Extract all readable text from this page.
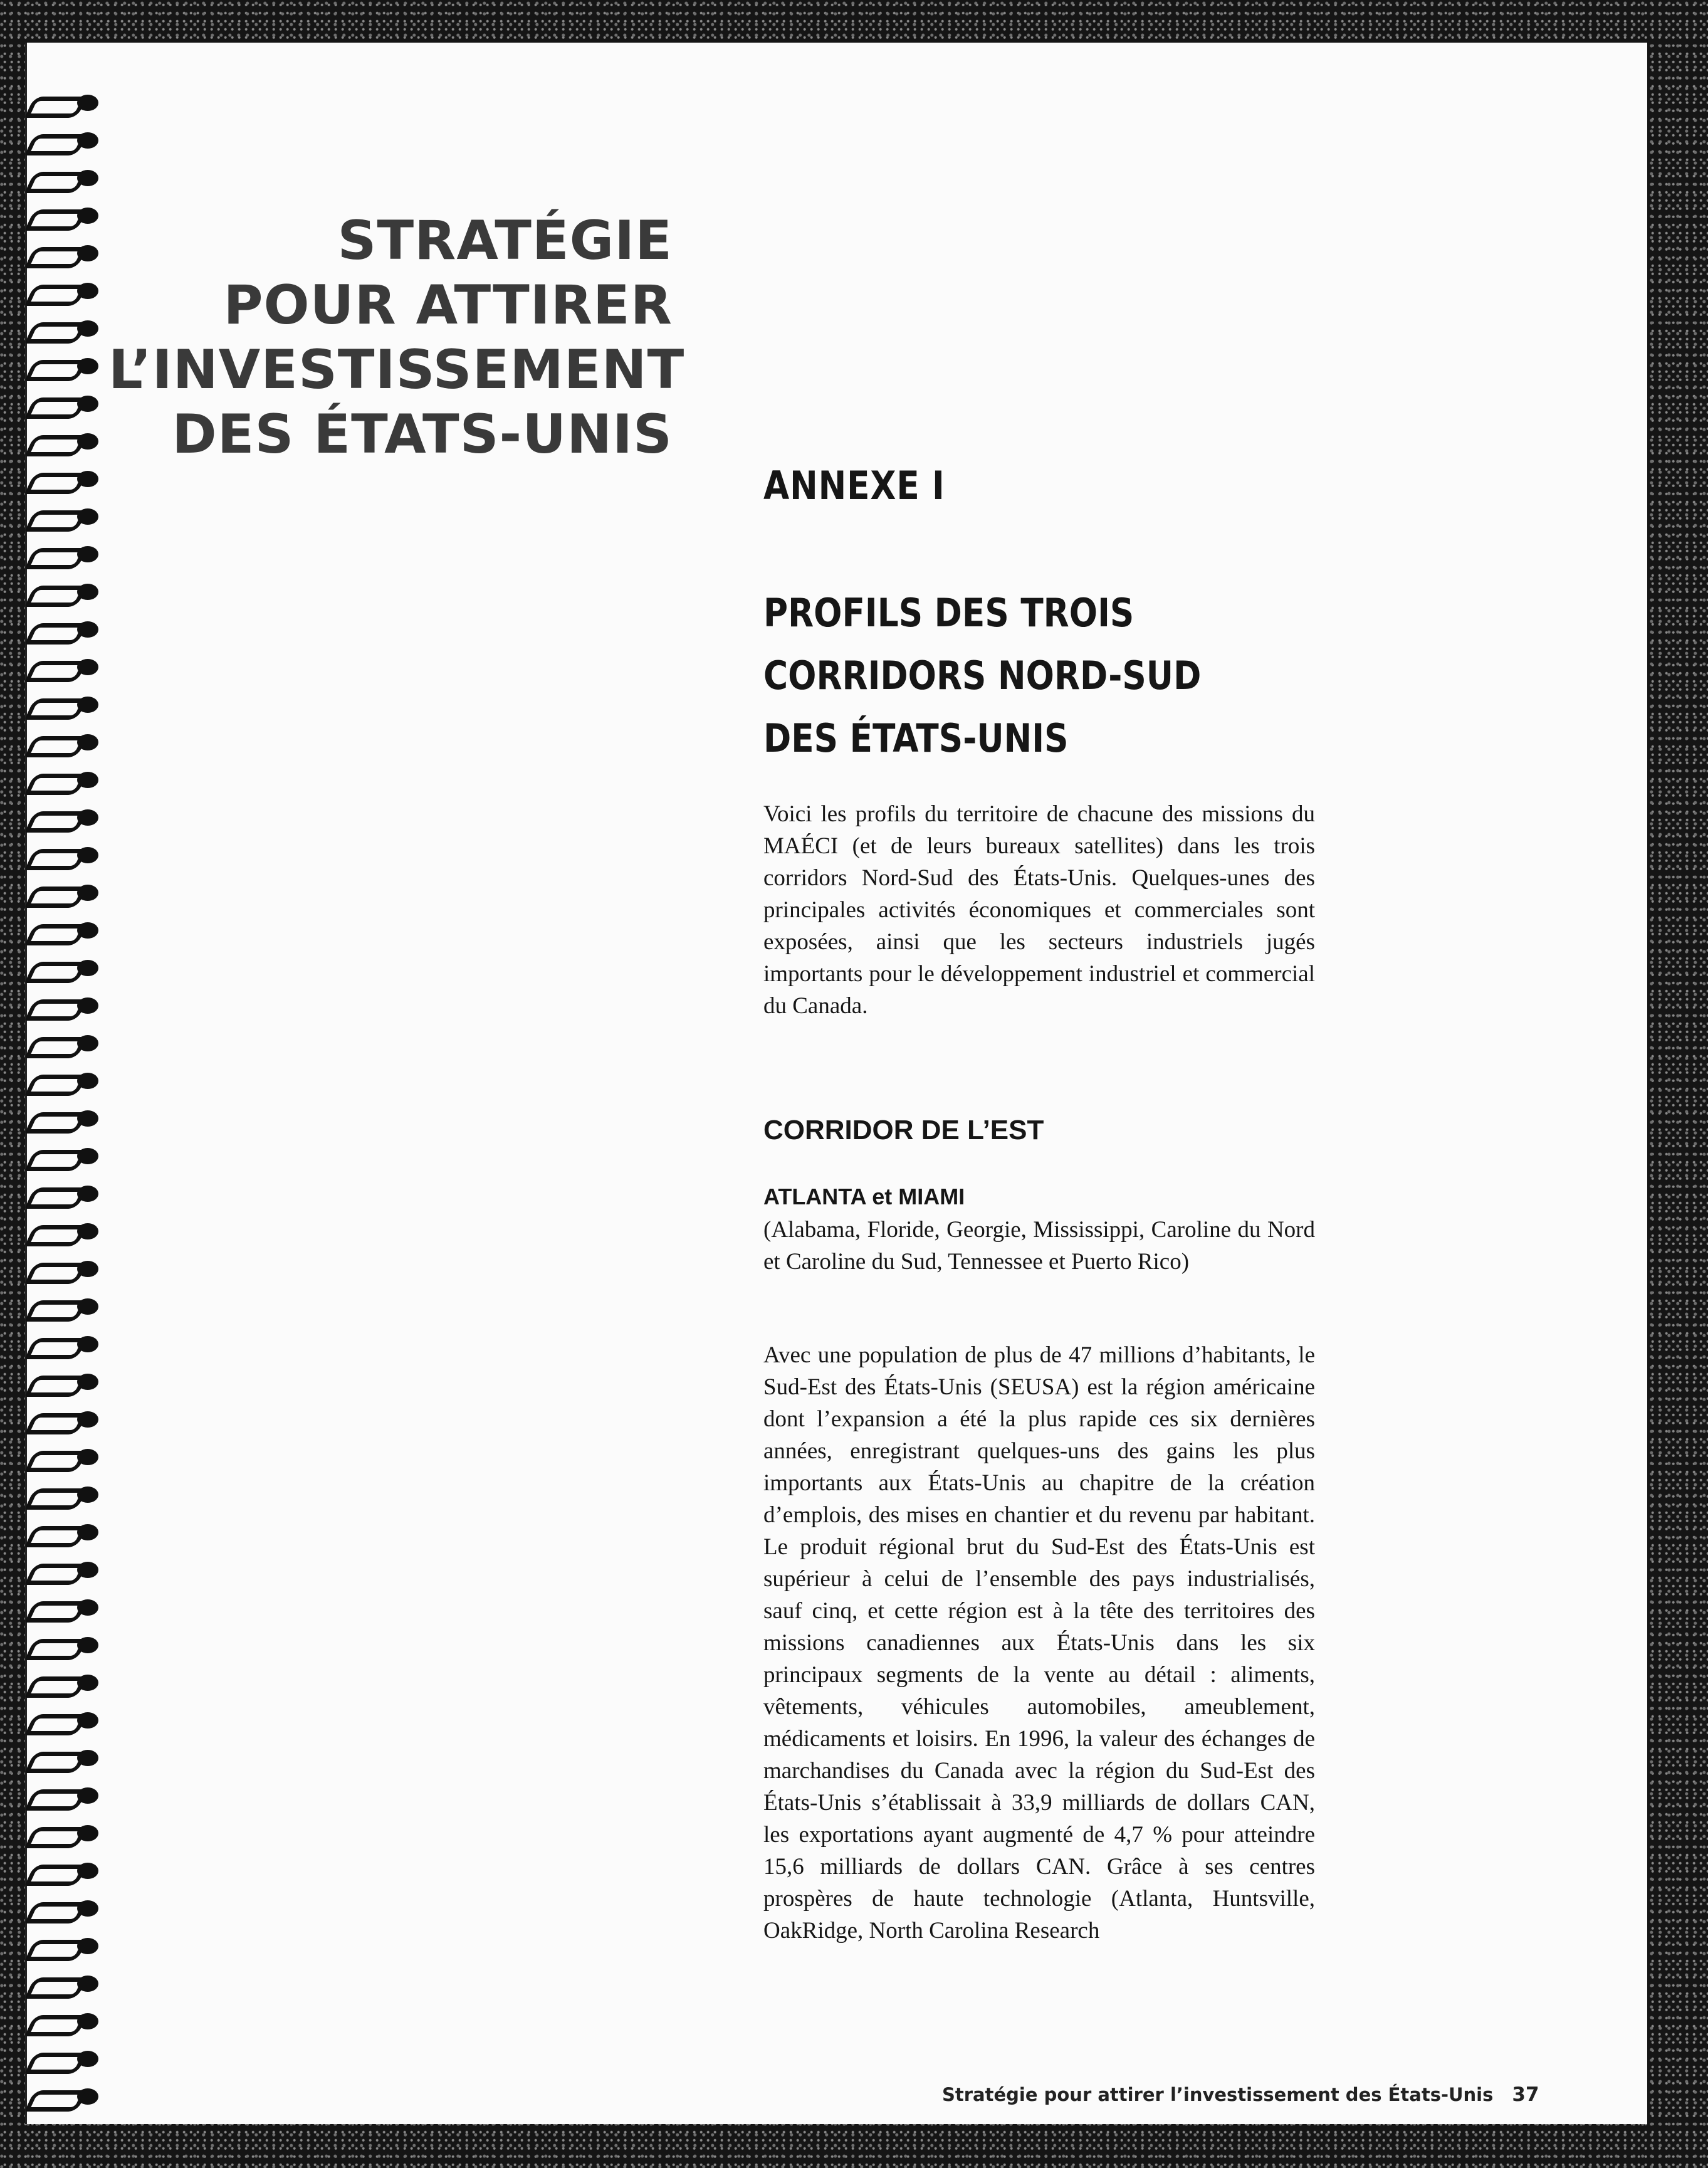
STRATÉGIE
POUR ATTIRER
L’INVESTISSEMENT
DES ÉTATS-UNIS
ANNEXE I
PROFILS DES TROIS
CORRIDORS NORD-SUD
DES ÉTATS-UNIS

Voici les profils du territoire de chacune des missions du MAÉCI (et de leurs bureaux satellites) dans les trois corridors Nord-Sud des États-Unis. Quelques-unes des principales activités économiques et commerciales sont exposées, ainsi que les secteurs industriels jugés importants pour le développement industriel et commercial du Canada.

CORRIDOR DE L’EST
ATLANTA et MIAMI

(Alabama, Floride, Georgie, Mississippi, Caroline du Nord et Caroline du Sud, Tennessee et Puerto Rico)

Avec une population de plus de 47 millions d’habitants, le Sud-Est des États-Unis (SEUSA) est la région américaine dont l’expansion a été la plus rapide ces six dernières années, enregistrant quelques-uns des gains les plus importants aux États-Unis au chapitre de la création d’emplois, des mises en chantier et du revenu par habitant. Le produit régional brut du Sud-Est des États-Unis est supérieur à celui de l’ensemble des pays industrialisés, sauf cinq, et cette région est à la tête des territoires des missions canadiennes aux États-Unis dans les six principaux segments de la vente au détail : aliments, vêtements, véhicules automobiles, ameublement, médicaments et loisirs. En 1996, la valeur des échanges de marchandises du Canada avec la région du Sud-Est des États-Unis s’établissait à 33,9 milliards de dollars CAN, les exportations ayant augmenté de 4,7 % pour atteindre 15,6 milliards de dollars CAN. Grâce à ses centres prospères de haute technologie (Atlanta, Huntsville, OakRidge, North Carolina Research

Stratégie pour attirer l’investissement des États-Unis 37
